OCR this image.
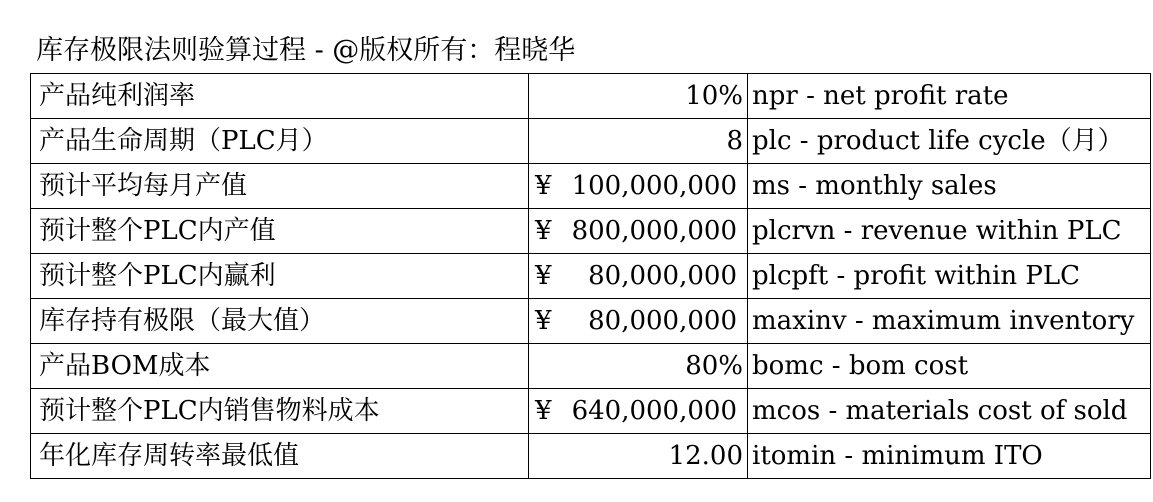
库存极限法则验算过程 - @版权所有：程晓华
产品纯利润率	10%	npr - net profit rate
产品生命周期（PLC月）	8	plc - product life cycle（月）
预计平均每月产值	¥ 100,000,000	ms - monthly sales
预计整个PLC内产值	¥ 800,000,000	plcrvn - revenue within PLC
预计整个PLC内赢利	¥ 80,000,000	plcpft - profit within PLC
库存持有极限（最大值）	¥ 80,000,000	maxinv - maximum inventory
产品BOM成本	80%	bomc - bom cost
预计整个PLC内销售物料成本	¥ 640,000,000	mcos - materials cost of sold
年化库存周转率最低值	12.00	itomin - minimum ITO
